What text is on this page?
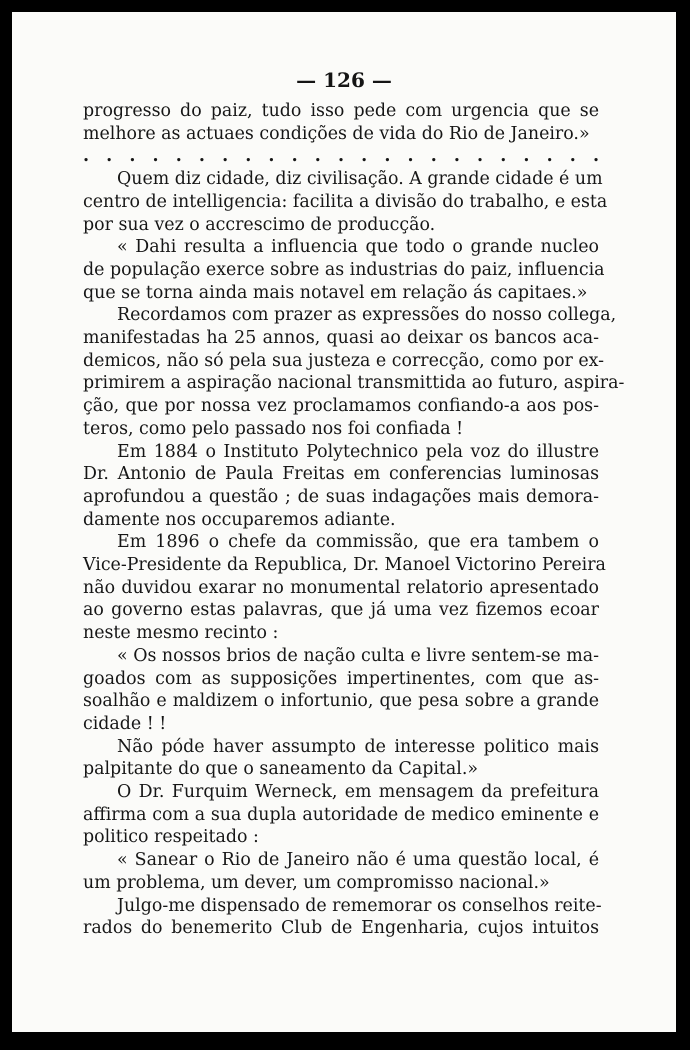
— 126 —

progresso do paiz, tudo isso pede com urgencia que se
melhore as actuaes condições de vida do Rio de Janeiro.»

. . . . . . . . . . . . . . . . . . . . . . .

Quem diz cidade, diz civilisação. A grande cidade é um
centro de intelligencia: facilita a divisão do trabalho, e esta
por sua vez o accrescimo de producção.

« Dahi resulta a influencia que todo o grande nucleo
de população exerce sobre as industrias do paiz, influencia
que se torna ainda mais notavel em relação ás capitaes.»

Recordamos com prazer as expressões do nosso collega,
manifestadas ha 25 annos, quasi ao deixar os bancos aca-
demicos, não só pela sua justeza e correcção, como por ex-
primirem a aspiração nacional transmittida ao futuro, aspira-
ção, que por nossa vez proclamamos confiando-a aos pos-
teros, como pelo passado nos foi confiada !

Em 1884 o Instituto Polytechnico pela voz do illustre
Dr. Antonio de Paula Freitas em conferencias luminosas
aprofundou a questão ; de suas indagações mais demora-
damente nos occuparemos adiante.

Em 1896 o chefe da commissão, que era tambem o
Vice-Presidente da Republica, Dr. Manoel Victorino Pereira
não duvidou exarar no monumental relatorio apresentado
ao governo estas palavras, que já uma vez fizemos ecoar
neste mesmo recinto :

« Os nossos brios de nação culta e livre sentem-se ma-
goados com as supposições impertinentes, com que as-
soalhão e maldizem o infortunio, que pesa sobre a grande
cidade ! !

Não póde haver assumpto de interesse politico mais
palpitante do que o saneamento da Capital.»

O Dr. Furquim Werneck, em mensagem da prefeitura
affirma com a sua dupla autoridade de medico eminente e
politico respeitado :

« Sanear o Rio de Janeiro não é uma questão local, é
um problema, um dever, um compromisso nacional.»

Julgo-me dispensado de rememorar os conselhos reite-
rados do benemerito Club de Engenharia, cujos intuitos
